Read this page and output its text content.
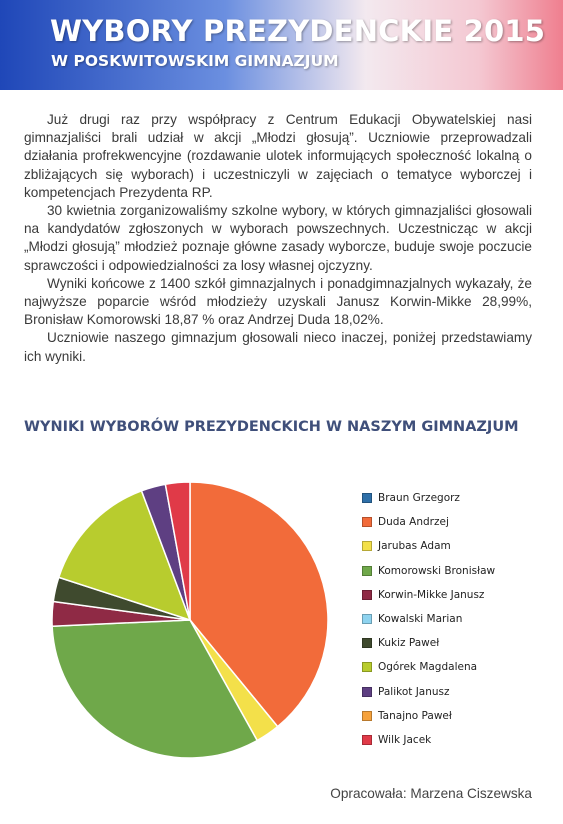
WYBORY PREZYDENCKIE 2015
W POSKWITOWSKIM GIMNAZJUM

Już drugi raz przy współpracy z Centrum Edukacji Obywatelskiej nasi gimnazjaliści brali udział w akcji „Młodzi głosują”. Uczniowie przeprowadzali działania profrekwencyjne (rozdawanie ulotek informujących społeczność lokalną o zbliżających się wyborach) i uczestniczyli w zajęciach o tematyce wyborczej i kompetencjach Prezydenta RP.

30 kwietnia zorganizowaliśmy szkolne wybory, w których gimnazjaliści głosowali na kandydatów zgłoszonych w wyborach powszechnych. Uczestnicząc w akcji „Młodzi głosują” młodzież poznaje główne zasady wyborcze, buduje swoje poczucie sprawczości i odpowiedzialności za losy własnej ojczyzny.

Wyniki końcowe z 1400 szkół gimnazjalnych i ponadgimnazjalnych wykazały, że najwyższe poparcie wśród młodzieży uzyskali Janusz Korwin-Mikke 28,99%, Bronisław Komorowski 18,87 % oraz Andrzej Duda 18,02%.

Uczniowie naszego gimnazjum głosowali nieco inaczej, poniżej przedstawiamy ich wyniki.

WYNIKI WYBORÓW PREZYDENCKICH W NASZYM GIMNAZJUM
Braun Grzegorz
Duda Andrzej
Jarubas Adam
Komorowski Bronisław
Korwin-Mikke Janusz
Kowalski Marian
Kukiz Paweł
Ogórek Magdalena
Palikot Janusz
Tanajno Paweł
Wilk Jacek

Opracowała: Marzena Ciszewska
